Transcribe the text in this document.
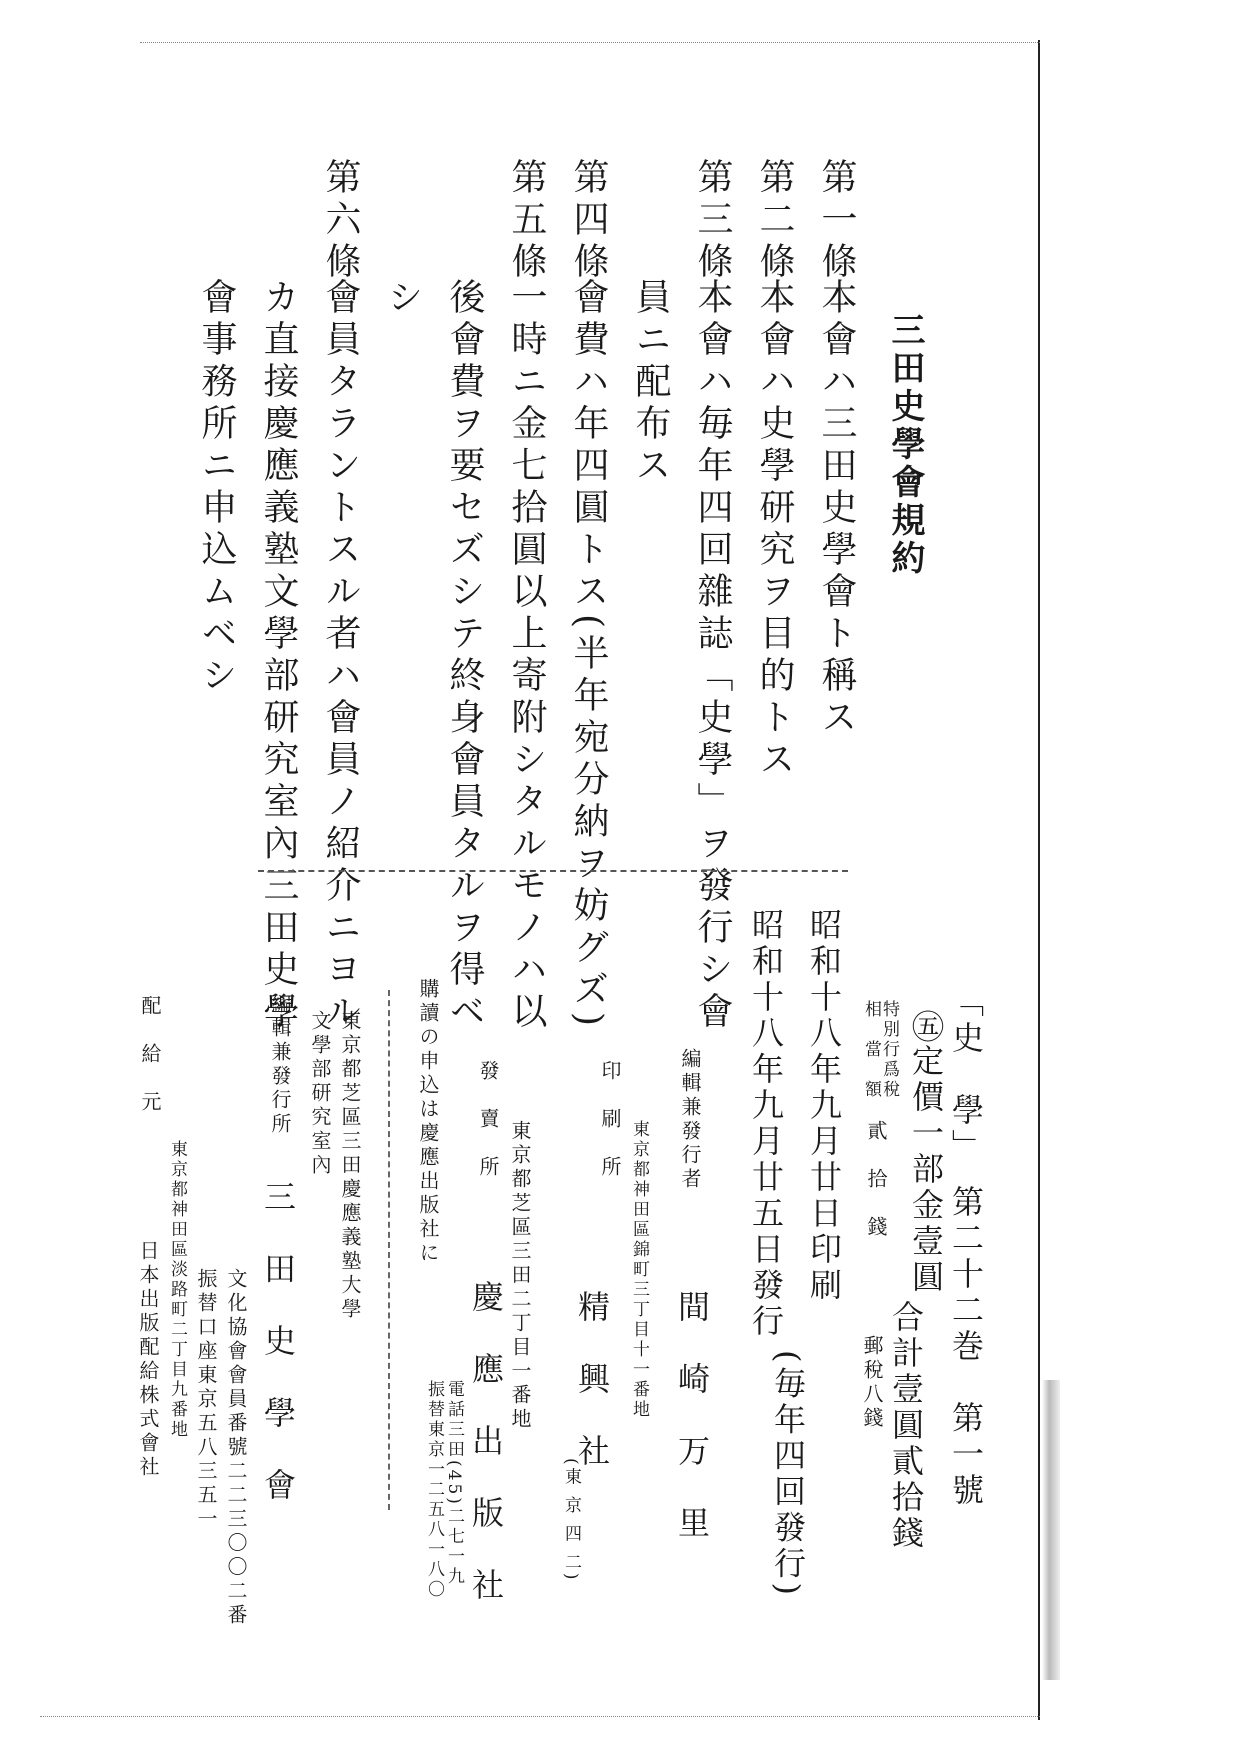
三田史學會規約
第一條
本會ハ三田史學會ト稱ス
第二條
本會ハ史學研究ヲ目的トス
第三條
本會ハ毎年四回雜誌「史學」ヲ發行シ會
員ニ配布ス
第四條
會費ハ年四圓トス(半年宛分納ヲ妨グズ)
第五條
一時ニ金七拾圓以上寄附シタルモノハ以
後會費ヲ要セズシテ終身會員タルヲ得ベ
シ
第六條
會員タラントスル者ハ會員ノ紹介ニヨル
カ直接慶應義塾文學部研究室內三田史學
會事務所ニ申込ムベシ
「史　學」　第二十二巻　第一號
㊄
定價一部金壹圓
特別行爲稅
相　當　額
貳　拾　錢
合計壹圓貳拾錢
郵稅八錢
昭和十八年九月廿日印刷
昭和十八年九月廿五日發行
(毎年四回發行)
編輯兼發行者
間　崎　万　里
印　刷　所 東京都神田區錦町三丁目十一番地
精　興　社
(東 京 四 二)
發　賣　所 東京都芝區三田二丁目一番地
慶　應　出　版　社
電話三田(45)二七一九
振替東京一二五八一八〇
購讀の申込は慶應出版社に
東京都芝區三田慶應義塾大學
文學部研究室內
編輯兼發行所
三　田　史　學　會
文化協會會員番號二二三〇〇二番
振替口座東京五八三五一
配　給　元
東京都神田區淡路町二丁目九番地
日本出版配給株式會社
